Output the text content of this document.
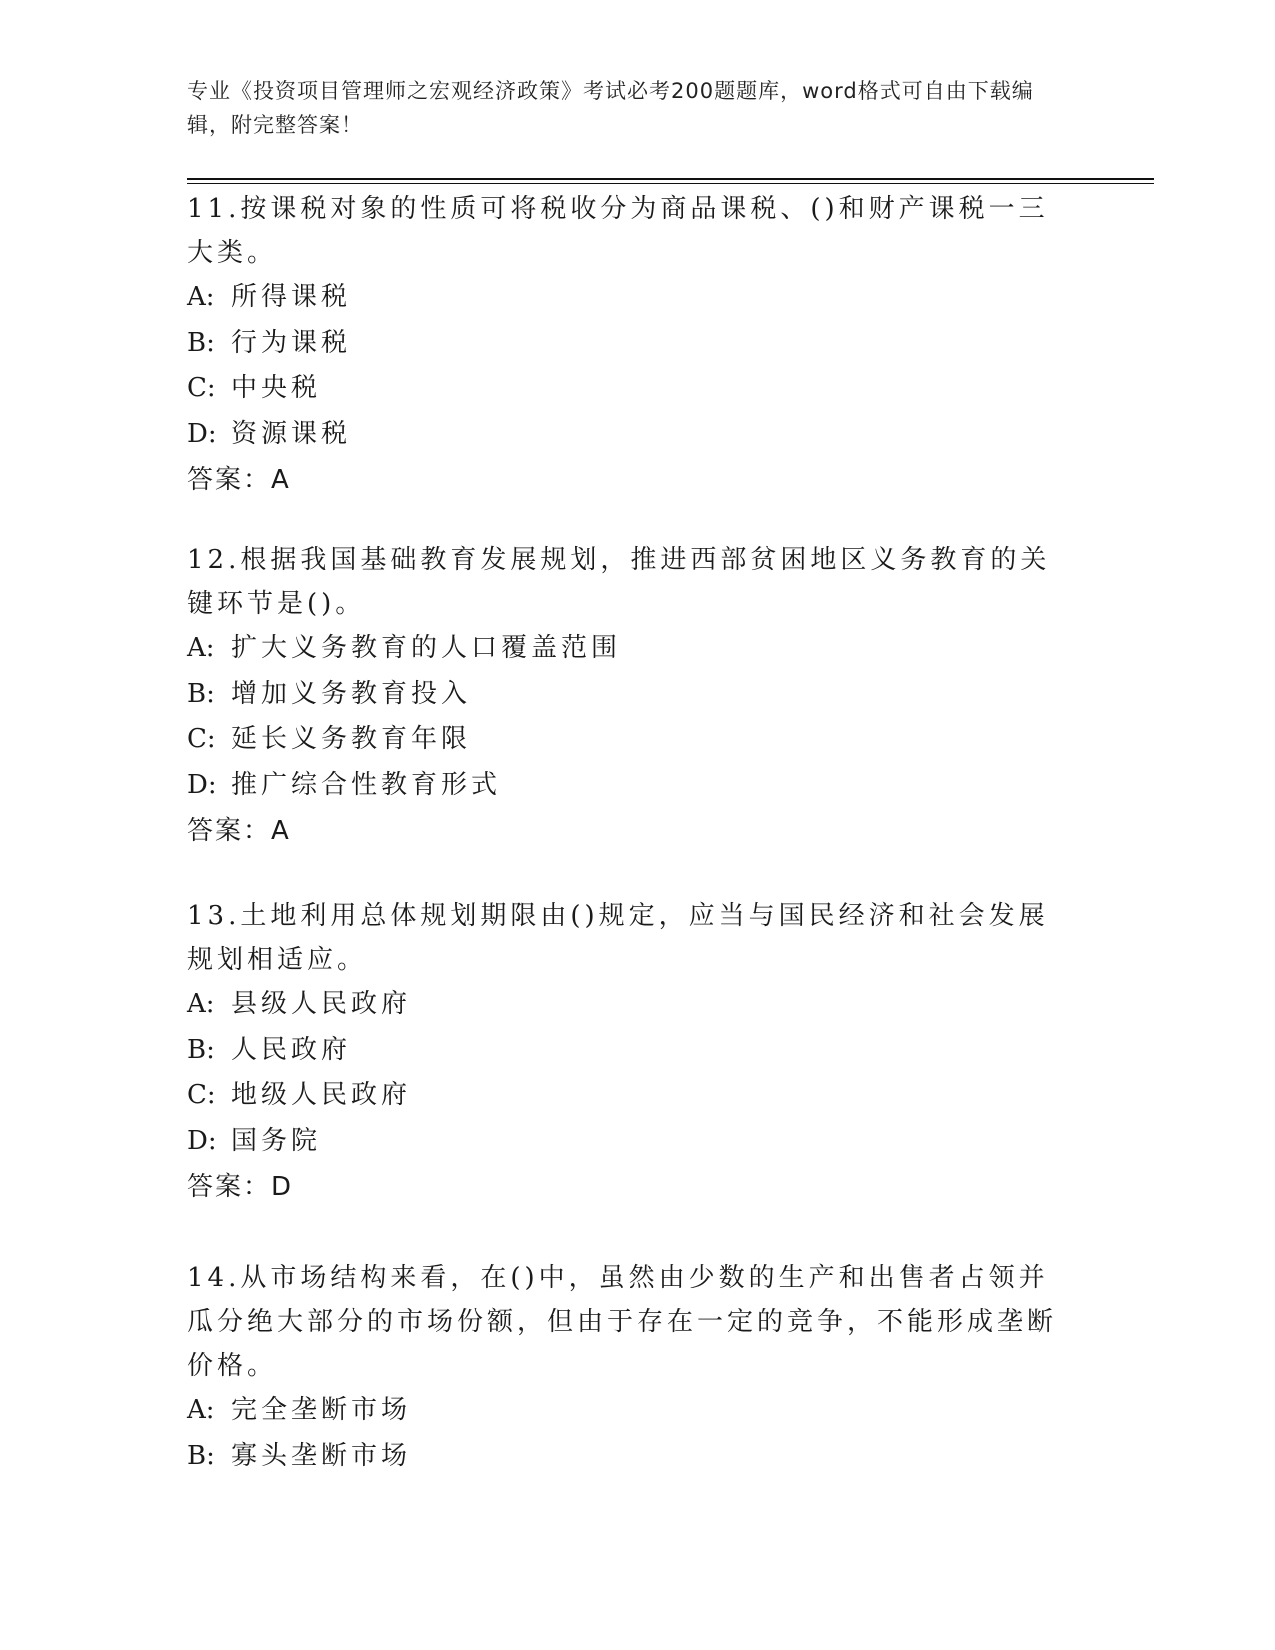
专业《投资项目管理师之宏观经济政策》考试必考200题题库，word格式可自由下载编辑，附完整答案！

11.按课税对象的性质可将税收分为商品课税、()和财产课税一三大类。

A: 所得课税

B: 行为课税

C: 中央税

D: 资源课税

答案：A

12.根据我国基础教育发展规划，推进西部贫困地区义务教育的关键环节是()。

A: 扩大义务教育的人口覆盖范围

B: 增加义务教育投入

C: 延长义务教育年限

D: 推广综合性教育形式

答案：A

13.土地利用总体规划期限由()规定，应当与国民经济和社会发展规划相适应。

A: 县级人民政府

B: 人民政府

C: 地级人民政府

D: 国务院

答案：D

14.从市场结构来看，在()中，虽然由少数的生产和出售者占领并瓜分绝大部分的市场份额，但由于存在一定的竞争，不能形成垄断价格。

A: 完全垄断市场

B: 寡头垄断市场
